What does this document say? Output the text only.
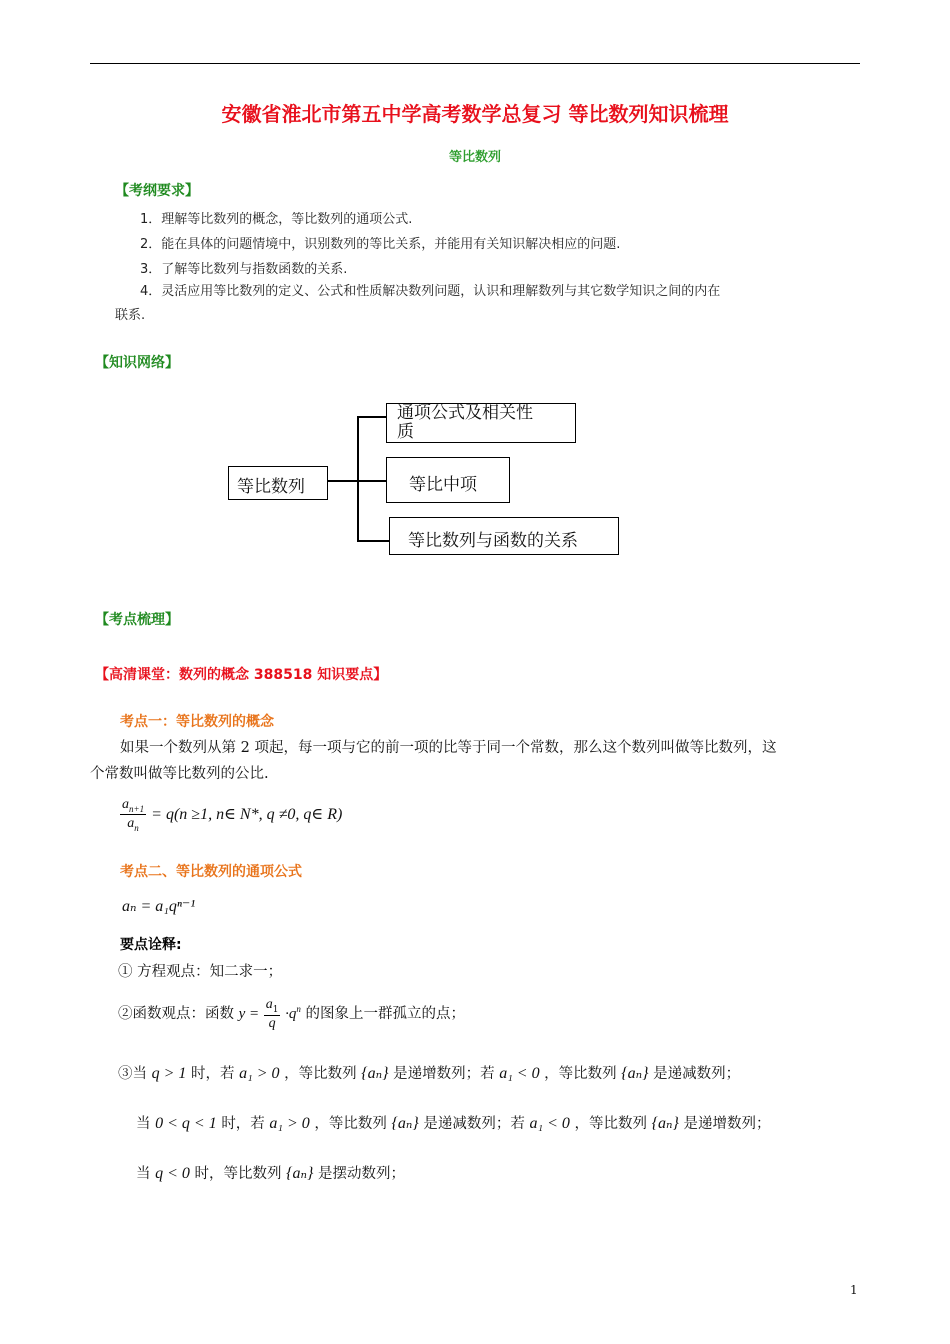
安徽省淮北市第五中学高考数学总复习 等比数列知识梳理
等比数列
【考纲要求】
1．理解等比数列的概念，等比数列的通项公式.
2．能在具体的问题情境中，识别数列的等比关系，并能用有关知识解决相应的问题.
3．了解等比数列与指数函数的关系.
4．灵活应用等比数列的定义、公式和性质解决数列问题，认识和理解数列与其它数学知识之间的内在
联系.
【知识网络】
等比数列
通项公式及相关性
质
等比中项
等比数列与函数的关系
【考点梳理】
【高清课堂：数列的概念 388518 知识要点】
考点一：等比数列的概念
如果一个数列从第 2 项起，每一项与它的前一项的比等于同一个常数，那么这个数列叫做等比数列，这
个常数叫做等比数列的公比.
$\frac{a_{n+1}}{a_n} = q(n \ge 1$, n∈ N*, q ≠0, q∈ R)
考点二、等比数列的通项公式
aₙ = a₁qⁿ⁻¹
要点诠释:
① 方程观点：知二求一；
②函数观点：函数 $y = \frac{a_1}{q} \cdot q^n$ 的图象上一群孤立的点；
③当 q > 1 时，若 a₁ > 0 ，等比数列 {aₙ} 是递增数列；若 a₁ < 0 ，等比数列 {aₙ} 是递减数列；
当 0 < q < 1 时，若 a₁ > 0 ，等比数列 {aₙ} 是递减数列；若 a₁ < 0 ，等比数列 {aₙ} 是递增数列；
当 q < 0 时，等比数列 {aₙ} 是摆动数列；
1
